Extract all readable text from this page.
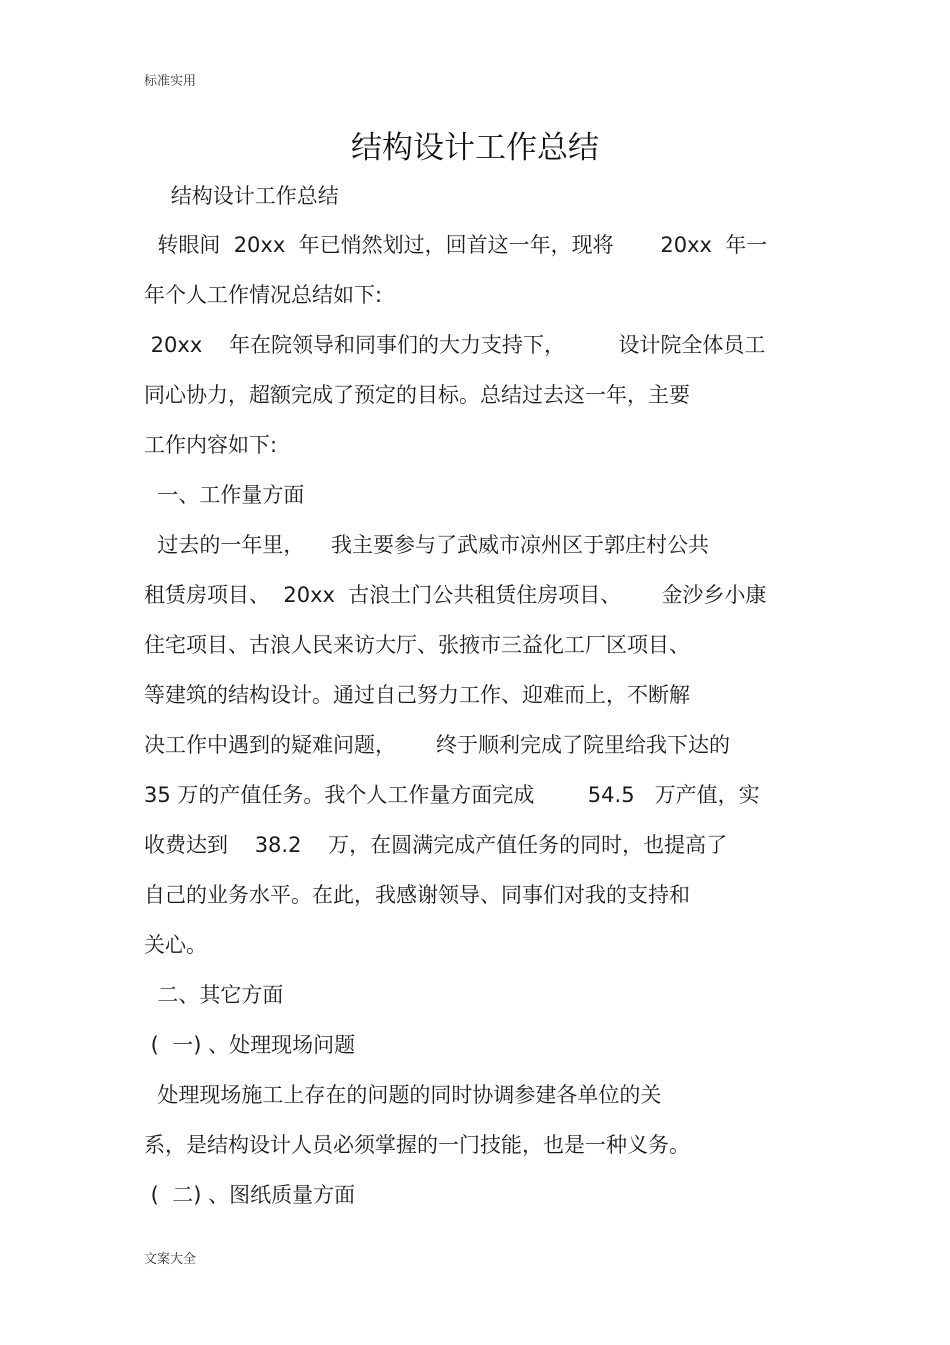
标准实用
结构设计工作总结
结构设计工作总结
转眼间  20xx  年已悄然划过，回首这一年，现将       20xx  年一
年个人工作情况总结如下:
20xx    年在院领导和同事们的大力支持下，        设计院全体员工
同心协力，超额完成了预定的目标。总结过去这一年，主要
工作内容如下:
一、工作量方面
过去的一年里，    我主要参与了武威市凉州区于郭庄村公共
租赁房项目、  20xx  古浪土门公共租赁住房项目、      金沙乡小康
住宅项目、古浪人民来访大厅、张掖市三益化工厂区项目、
等建筑的结构设计。通过自己努力工作、迎难而上，不断解
决工作中遇到的疑难问题，      终于顺利完成了院里给我下达的
35 万的产值任务。我个人工作量方面完成        54.5   万产值，实
收费达到    38.2    万，在圆满完成产值任务的同时，也提高了
自己的业务水平。在此，我感谢领导、同事们对我的支持和
关心。
二、其它方面
(  一) 、处理现场问题
处理现场施工上存在的问题的同时协调参建各单位的关
系，是结构设计人员必须掌握的一门技能，也是一种义务。
(  二) 、图纸质量方面
文案大全
